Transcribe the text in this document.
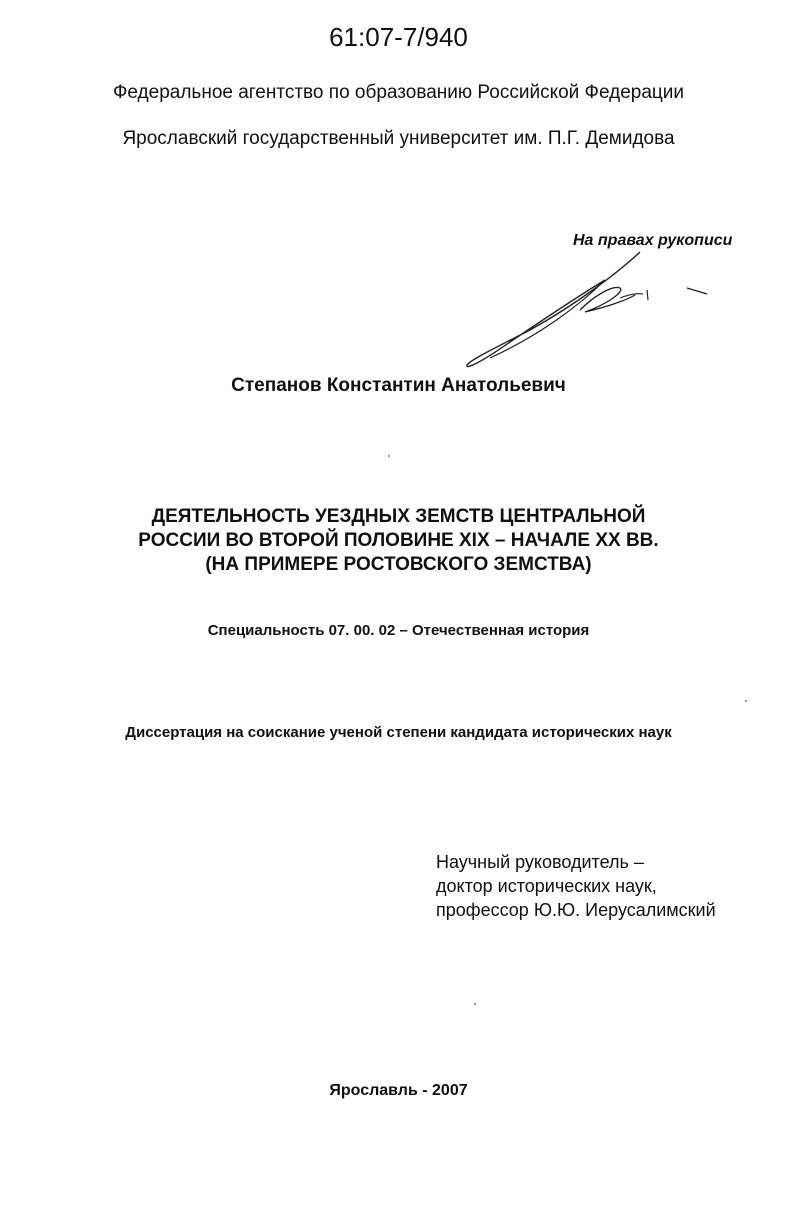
61:07-7/940
Федеральное агентство по образованию Российской Федерации
Ярославский государственный университет им. П.Г. Демидова
На правах рукописи
Степанов Константин Анатольевич
ДЕЯТЕЛЬНОСТЬ УЕЗДНЫХ ЗЕМСТВ ЦЕНТРАЛЬНОЙ
РОССИИ ВО ВТОРОЙ ПОЛОВИНЕ XIX – НАЧАЛЕ XX ВВ.
(НА ПРИМЕРЕ РОСТОВСКОГО ЗЕМСТВА)
Специальность 07. 00. 02 – Отечественная история
Диссертация на соискание ученой степени кандидата исторических наук
Научный руководитель –
доктор исторических наук,
профессор Ю.Ю. Иерусалимский
Ярославль - 2007
